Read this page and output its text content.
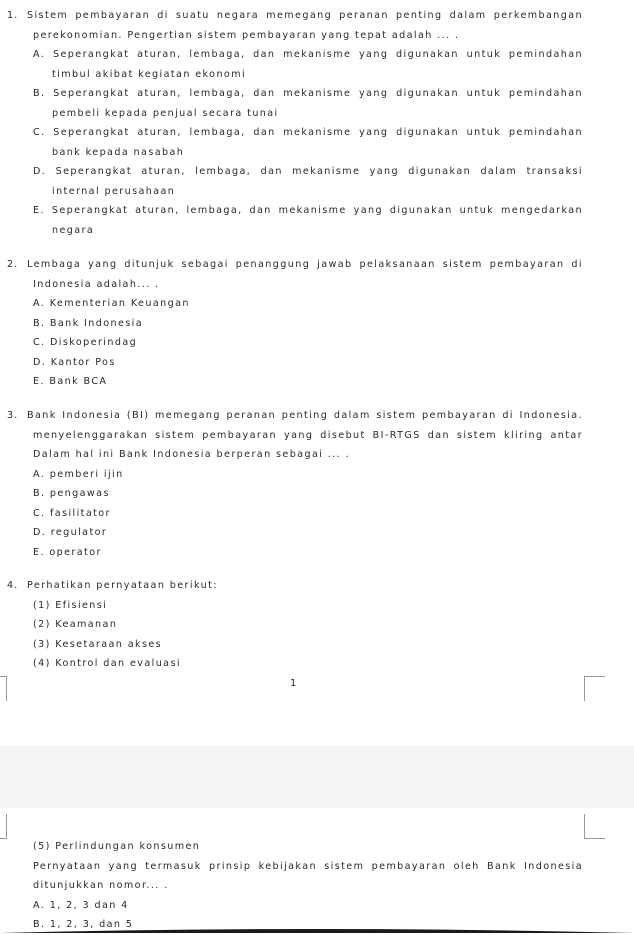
1. Sistem pembayaran di suatu negara memegang peranan penting dalam perkembangan
perekonomian. Pengertian sistem pembayaran yang tepat adalah ... .
A. Seperangkat aturan, lembaga, dan mekanisme yang digunakan untuk pemindahan
timbul akibat kegiatan ekonomi
B. Seperangkat aturan, lembaga, dan mekanisme yang digunakan untuk pemindahan
pembeli kepada penjual secara tunai
C. Seperangkat aturan, lembaga, dan mekanisme yang digunakan untuk pemindahan
bank kepada nasabah
D. Seperangkat aturan, lembaga, dan mekanisme yang digunakan dalam transaksi
internal perusahaan
E. Seperangkat aturan, lembaga, dan mekanisme yang digunakan untuk mengedarkan
negara
2. Lembaga yang ditunjuk sebagai penanggung jawab pelaksanaan sistem pembayaran di
Indonesia adalah... .
A. Kementerian Keuangan
B. Bank Indonesia
C. Diskoperindag
D. Kantor Pos
E. Bank BCA
3. Bank Indonesia (BI) memegang peranan penting dalam sistem pembayaran di Indonesia.
menyelenggarakan sistem pembayaran yang disebut BI-RTGS dan sistem kliring antar
Dalam hal ini Bank Indonesia berperan sebagai ... .
A. pemberi ijin
B. pengawas
C. fasilitator
D. regulator
E. operator
4. Perhatikan pernyataan berikut:
(1) Efisiensi
(2) Keamanan
(3) Kesetaraan akses
(4) Kontrol dan evaluasi
1
(5) Perlindungan konsumen
Pernyataan yang termasuk prinsip kebijakan sistem pembayaran oleh Bank Indonesia
ditunjukkan nomor... .
A. 1, 2, 3 dan 4
B. 1, 2, 3, dan 5
